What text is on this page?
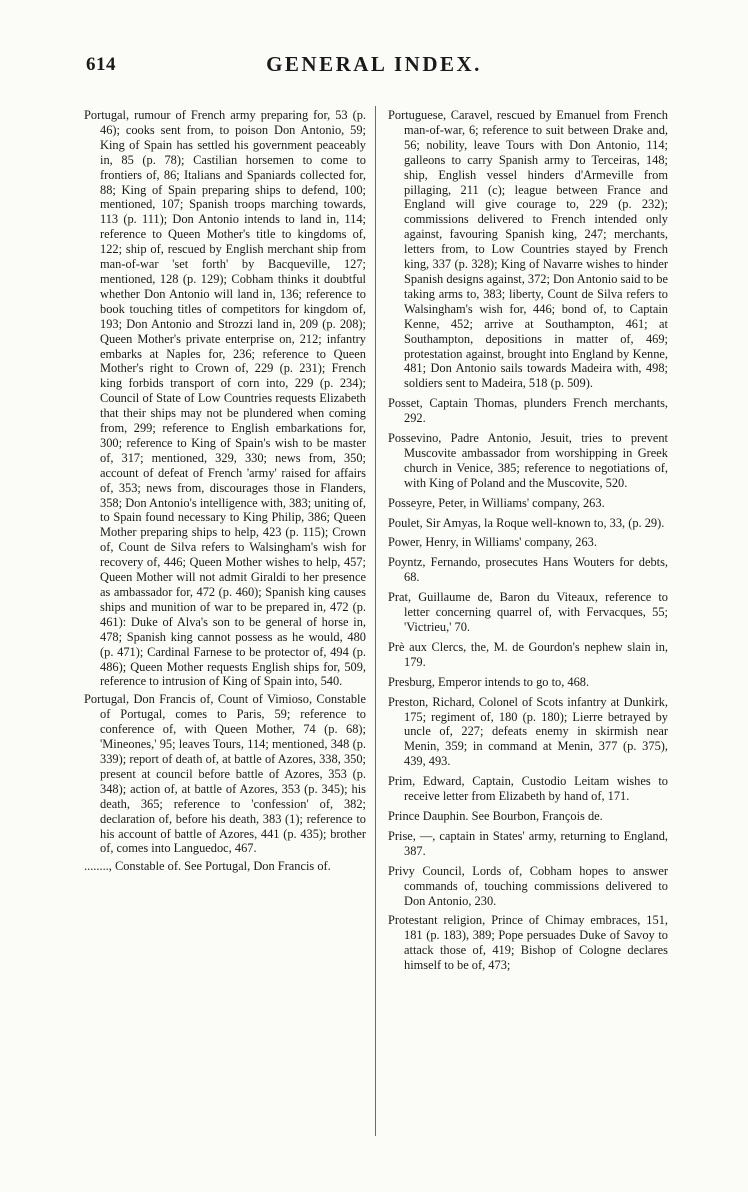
614	GENERAL INDEX.

Portugal, rumour of French army preparing for, 53 (p. 46); cooks sent from, to poison Don Antonio, 59; King of Spain has settled his government peaceably in, 85 (p. 78); Castilian horsemen to come to frontiers of, 86; Italians and Spaniards collected for, 88; King of Spain preparing ships to defend, 100; mentioned, 107; Spanish troops marching towards, 113 (p. 111); Don Antonio intends to land in, 114; reference to Queen Mother's title to kingdoms of, 122; ship of, rescued by English merchant ship from man-of-war 'set forth' by Bacqueville, 127; mentioned, 128 (p. 129); Cobham thinks it doubtful whether Don Antonio will land in, 136; reference to book touching titles of competitors for kingdom of, 193; Don Antonio and Strozzi land in, 209 (p. 208); Queen Mother's private enterprise on, 212; infantry embarks at Naples for, 236; reference to Queen Mother's right to Crown of, 229 (p. 231); French king forbids transport of corn into, 229 (p. 234); Council of State of Low Countries requests Elizabeth that their ships may not be plundered when coming from, 299; reference to English embarkations for, 300; reference to King of Spain's wish to be master of, 317; mentioned, 329, 330; news from, 350; account of defeat of French 'army' raised for affairs of, 353; news from, discourages those in Flanders, 358; Don Antonio's intelligence with, 383; uniting of, to Spain found necessary to King Philip, 386; Queen Mother preparing ships to help, 423 (p. 115); Crown of, Count de Silva refers to Walsingham's wish for recovery of, 446; Queen Mother wishes to help, 457; Queen Mother will not admit Giraldi to her presence as ambassador for, 472 (p. 460); Spanish king causes ships and munition of war to be prepared in, 472 (p. 461): Duke of Alva's son to be general of horse in, 478; Spanish king cannot possess as he would, 480 (p. 471); Cardinal Farnese to be protector of, 494 (p. 486); Queen Mother requests English ships for, 509, reference to intrusion of King of Spain into, 540.

Portugal, Don Francis of, Count of Vimioso, Constable of Portugal, comes to Paris, 59; reference to conference of, with Queen Mother, 74 (p. 68); 'Mineones,' 95; leaves Tours, 114; mentioned, 348 (p. 339); report of death of, at battle of Azores, 338, 350; present at council before battle of Azores, 353 (p. 348); action of, at battle of Azores, 353 (p. 345); his death, 365; reference to 'confession' of, 382; declaration of, before his death, 383 (1); reference to his account of battle of Azores, 441 (p. 435); brother of, comes into Languedoc, 467.

........, Constable of. See Portugal, Don Francis of.

Portuguese, Caravel, rescued by Emanuel from French man-of-war, 6; reference to suit between Drake and, 56; nobility, leave Tours with Don Antonio, 114; galleons to carry Spanish army to Terceiras, 148; ship, English vessel hinders d'Armeville from pillaging, 211 (c); league between France and England will give courage to, 229 (p. 232); commissions delivered to French intended only against, favouring Spanish king, 247; merchants, letters from, to Low Countries stayed by French king, 337 (p. 328); King of Navarre wishes to hinder Spanish designs against, 372; Don Antonio said to be taking arms to, 383; liberty, Count de Silva refers to Walsingham's wish for, 446; bond of, to Captain Kenne, 452; arrive at Southampton, 461; at Southampton, depositions in matter of, 469; protestation against, brought into England by Kenne, 481; Don Antonio sails towards Madeira with, 498; soldiers sent to Madeira, 518 (p. 509).

Posset, Captain Thomas, plunders French merchants, 292.

Possevino, Padre Antonio, Jesuit, tries to prevent Muscovite ambassador from worshipping in Greek church in Venice, 385; reference to negotiations of, with King of Poland and the Muscovite, 520.

Posseyre, Peter, in Williams' company, 263.

Poulet, Sir Amyas, la Roque well-known to, 33, (p. 29).

Power, Henry, in Williams' company, 263.

Poyntz, Fernando, prosecutes Hans Wouters for debts, 68.

Prat, Guillaume de, Baron du Viteaux, reference to letter concerning quarrel of, with Fervacques, 55; 'Victrieu,' 70.

Prè aux Clercs, the, M. de Gourdon's nephew slain in, 179.

Presburg, Emperor intends to go to, 468.

Preston, Richard, Colonel of Scots infantry at Dunkirk, 175; regiment of, 180 (p. 180); Lierre betrayed by uncle of, 227; defeats enemy in skirmish near Menin, 359; in command at Menin, 377 (p. 375), 439, 493.

Prim, Edward, Captain, Custodio Leitam wishes to receive letter from Elizabeth by hand of, 171.

Prince Dauphin. See Bourbon, François de.

Prise, —, captain in States' army, returning to England, 387.

Privy Council, Lords of, Cobham hopes to answer commands of, touching commissions delivered to Don Antonio, 230.

Protestant religion, Prince of Chimay embraces, 151, 181 (p. 183), 389; Pope persuades Duke of Savoy to attack those of, 419; Bishop of Cologne declares himself to be of, 473;
